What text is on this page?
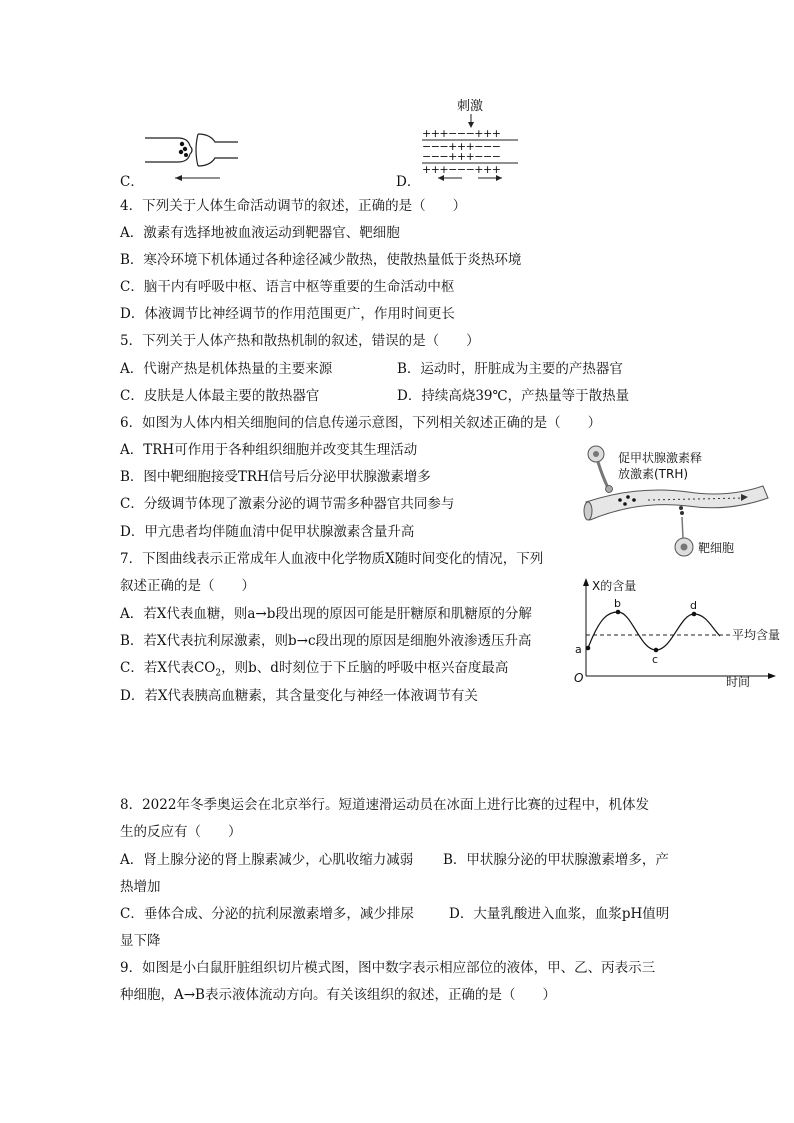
C．	D．
刺激
+++−−−+++
−−−+++−−−
−−−+++−−−
+++−−−+++
4．下列关于人体生命活动调节的叙述，正确的是（　　）
A．激素有选择地被血液运动到靶器官、靶细胞
B．寒冷环境下机体通过各种途径减少散热，使散热量低于炎热环境
C．脑干内有呼吸中枢、语言中枢等重要的生命活动中枢
D．体液调节比神经调节的作用范围更广，作用时间更长
5．下列关于人体产热和散热机制的叙述，错误的是（　　）
A．代谢产热是机体热量的主要来源	B．运动时，肝脏成为主要的产热器官
C．皮肤是人体最主要的散热器官	D．持续高烧39℃，产热量等于散热量
6．如图为人体内相关细胞间的信息传递示意图，下列相关叙述正确的是（　　）
A．TRH可作用于各种组织细胞并改变其生理活动
B．图中靶细胞接受TRH信号后分泌甲状腺激素增多
C．分级调节体现了激素分泌的调节需多种器官共同参与
D．甲亢患者均伴随血清中促甲状腺激素含量升高
促甲状腺激素释
放激素(TRH)
靶细胞
7．下图曲线表示正常成年人血液中化学物质X随时间变化的情况，下列
叙述正确的是（　　）
A．若X代表血糖，则a→b段出现的原因可能是肝糖原和肌糖原的分解
B．若X代表抗利尿激素，则b→c段出现的原因是细胞外液渗透压升高
C．若X代表$CO_2$，则b、d时刻位于下丘脑的呼吸中枢兴奋度最高
D．若X代表胰高血糖素，其含量变化与神经一体液调节有关
X的含量
时间
O
平均含量
a
b
c
d
8．2022年冬季奥运会在北京举行。短道速滑运动员在冰面上进行比赛的过程中，机体发
生的反应有（　　）
A．肾上腺分泌的肾上腺素减少，心肌收缩力减弱 B．甲状腺分泌的甲状腺激素增多，产
热增加
C．垂体合成、分泌的抗利尿激素增多，减少排尿	D．大量乳酸进入血浆，血浆pH值明
显下降
9．如图是小白鼠肝脏组织切片模式图，图中数字表示相应部位的液体，甲、乙、丙表示三
种细胞，A→B表示液体流动方向。有关该组织的叙述，正确的是（　　）
